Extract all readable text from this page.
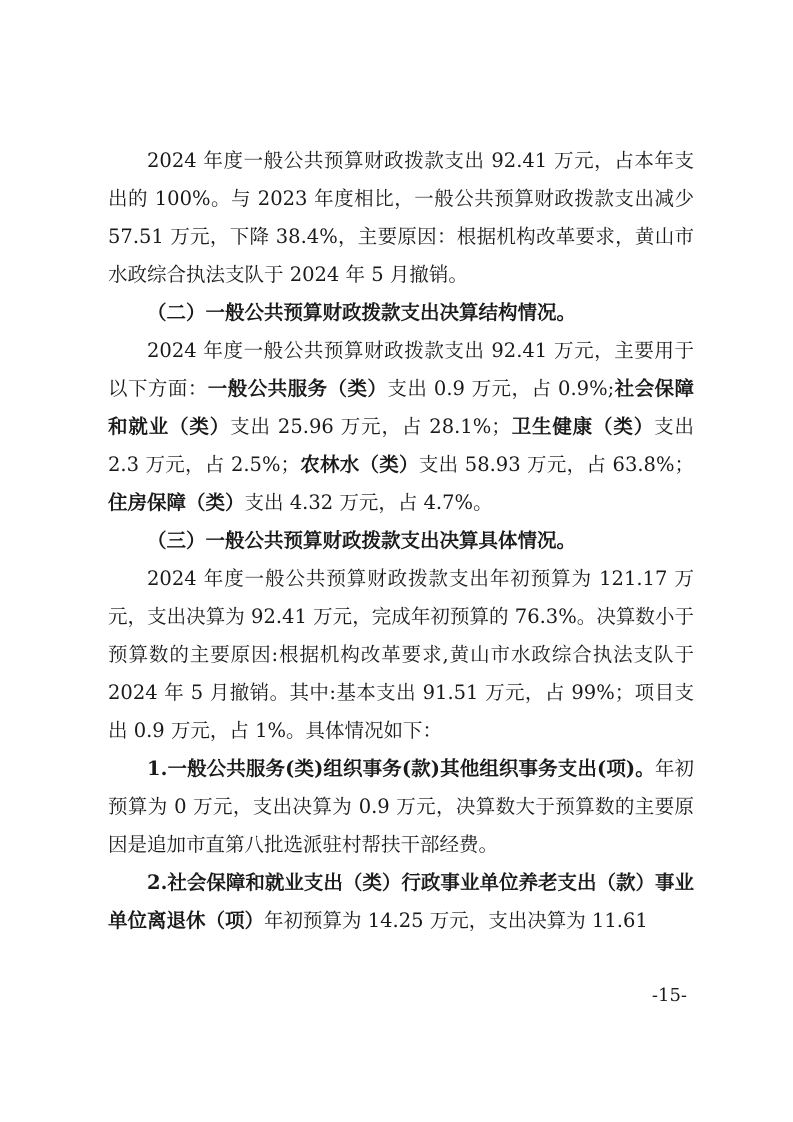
2024 年度一般公共预算财政拨款支出 92.41 万元，占本年支出的 100%。与 2023 年度相比，一般公共预算财政拨款支出减少 57.51 万元，下降 38.4%，主要原因：根据机构改革要求，黄山市水政综合执法支队于 2024 年 5 月撤销。

（二）一般公共预算财政拨款支出决算结构情况。

2024 年度一般公共预算财政拨款支出 92.41 万元，主要用于以下方面：一般公共服务（类）支出 0.9 万元，占 0.9%;社会保障和就业（类）支出 25.96 万元，占 28.1%；卫生健康（类）支出 2.3 万元，占 2.5%；农林水（类）支出 58.93 万元，占 63.8%；住房保障（类）支出 4.32 万元，占 4.7%。

（三）一般公共预算财政拨款支出决算具体情况。

2024 年度一般公共预算财政拨款支出年初预算为 121.17 万元，支出决算为 92.41 万元，完成年初预算的 76.3%。决算数小于预算数的主要原因:根据机构改革要求,黄山市水政综合执法支队于 2024 年 5 月撤销。其中:基本支出 91.51 万元，占 99%；项目支出 0.9 万元，占 1%。具体情况如下：

1.一般公共服务(类)组织事务(款)其他组织事务支出(项)。年初预算为 0 万元，支出决算为 0.9 万元，决算数大于预算数的主要原因是追加市直第八批选派驻村帮扶干部经费。

2.社会保障和就业支出（类）行政事业单位养老支出（款）事业单位离退休（项）年初预算为 14.25 万元，支出决算为 11.61

-15-
